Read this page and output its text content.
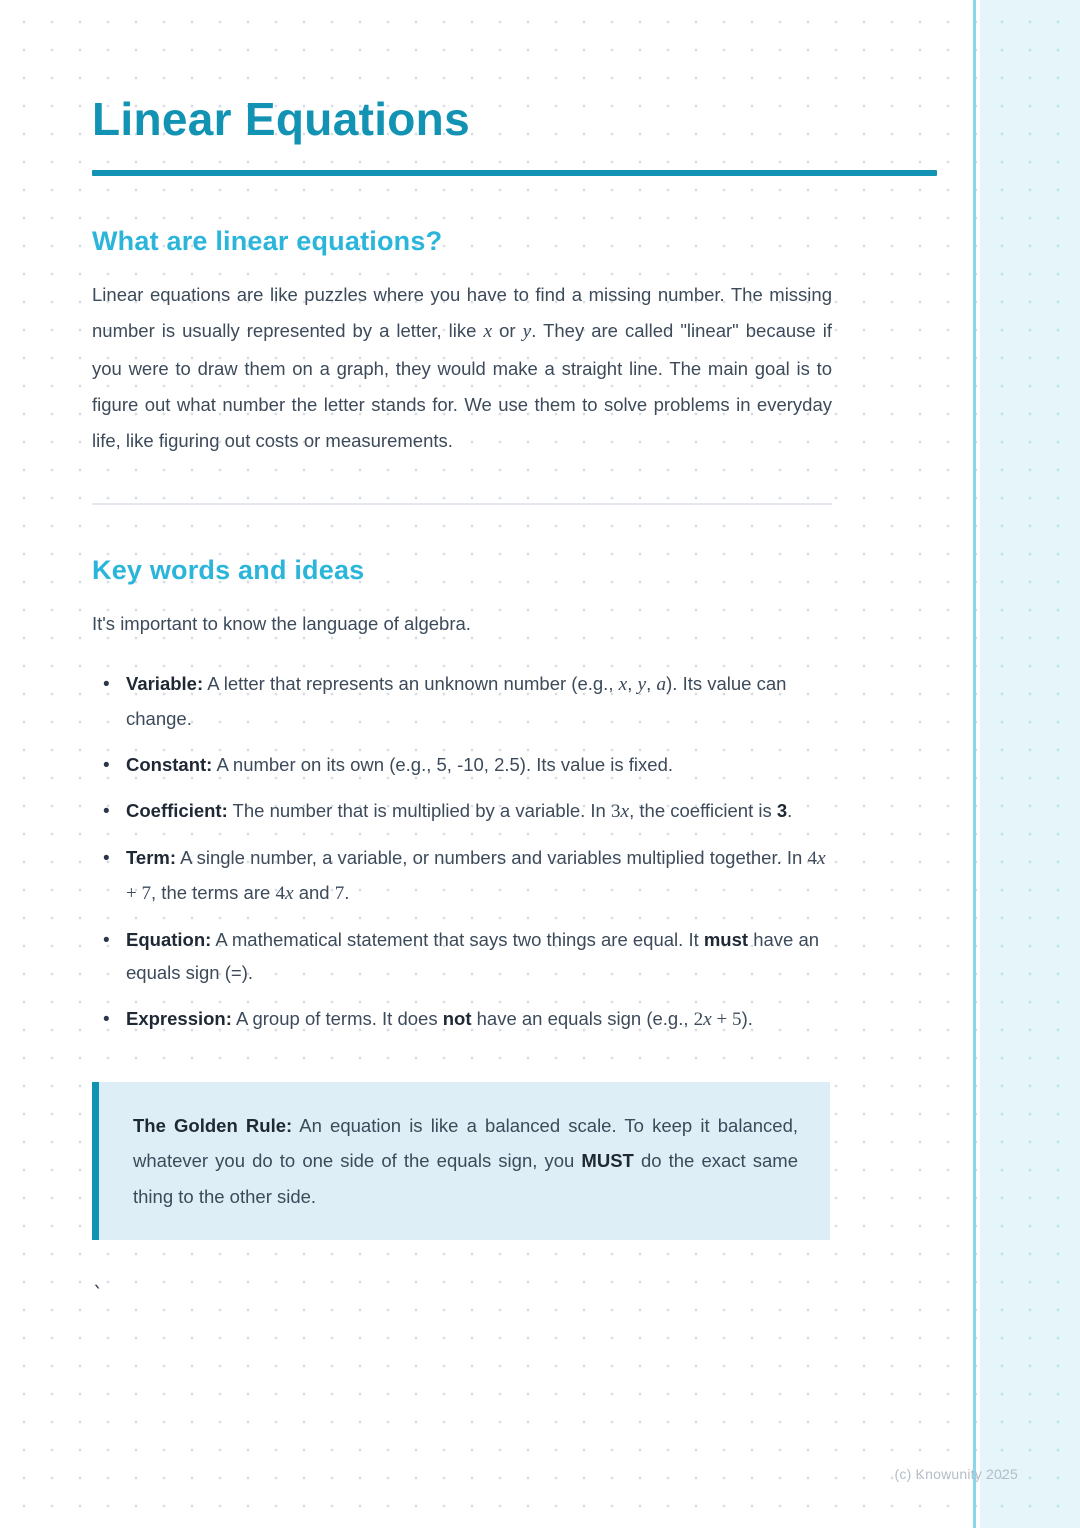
Linear Equations
What are linear equations?

Linear equations are like puzzles where you have to find a missing number. The missing number is usually represented by a letter, like x or y. They are called "linear" because if you were to draw them on a graph, they would make a straight line. The main goal is to figure out what number the letter stands for. We use them to solve problems in everyday life, like figuring out costs or measurements.

Key words and ideas

It's important to know the language of algebra.

• Variable: A letter that represents an unknown number (e.g., x, y, a). Its value can change.
• Constant: A number on its own (e.g., 5, -10, 2.5). Its value is fixed.
• Coefficient: The number that is multiplied by a variable. In 3x, the coefficient is 3.
• Term: A single number, a variable, or numbers and variables multiplied together. In 4x + 7, the terms are 4x and 7.
• Equation: A mathematical statement that says two things are equal. It must have an equals sign (=).
• Expression: A group of terms. It does not have an equals sign (e.g., 2x + 5).

The Golden Rule: An equation is like a balanced scale. To keep it balanced, whatever you do to one side of the equals sign, you MUST do the exact same thing to the other side.

`
(c) Knowunity 2025
